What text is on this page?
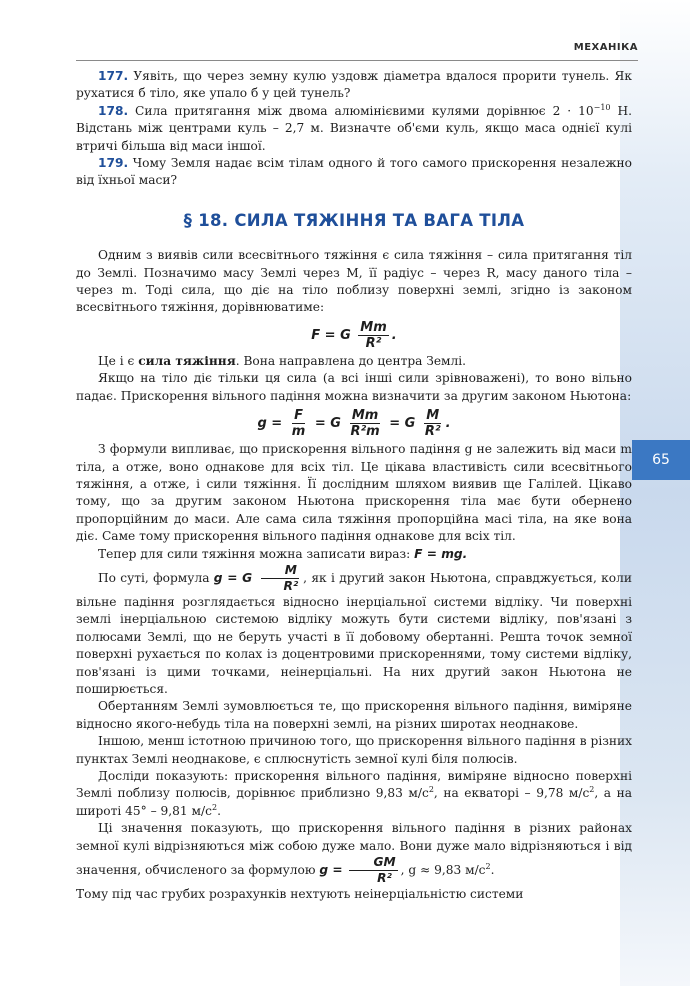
МЕХАНІКА
65

177. Уявіть, що через земну кулю уздовж діаметра вдалося прорити тунель. Як рухатися б тіло, яке упало б у цей тунель?

178. Сила притягання між двома алюмінієвими кулями дорівнює $2 \cdot 10^{-10}$ Н. Відстань між центрами куль – 2,7 м. Визначте об'єми куль, якщо маса однієї кулі втричі більша від маси іншої.

179. Чому Земля надає всім тілам одного й того самого прискорення незалежно від їхньої маси?

§ 18. СИЛА ТЯЖІННЯ ТА ВАГА ТІЛА

Одним з виявів сили всесвітнього тяжіння є сила тяжіння – сила притягання тіл до Землі. Позначимо масу Землі через M, її радіус – через R, масу даного тіла – через m. Тоді сила, що діє на тіло поблизу поверхні землі, згідно із законом всесвітнього тяжіння, дорівнюватиме:

F = G $\frac{Mm}{\text{R²}}$ .

Це і є сила тяжіння. Вона направлена до центра Землі.

Якщо на тіло діє тільки ця сила (а всі інші сили зрівноважені), то воно вільно падає. Прискорення вільного падіння можна визначити за другим законом Ньютона:

$g = \frac{F}{m} = G \frac{Mm}{\text{R²m}} = G \frac{M}{\text{R²}}$ .

З формули випливає, що прискорення вільного падіння g не залежить від маси m тіла, а отже, воно однакове для всіх тіл. Це цікава властивість сили всесвітнього тяжіння, а отже, і сили тяжіння. Її дослідним шляхом виявив ще Галілей. Цікаво тому, що за другим законом Ньютона прискорення тіла має бути обернено пропорційним до маси. Але сама сила тяжіння пропорційна масі тіла, на яке вона діє. Саме тому прискорення вільного падіння однакове для всіх тіл.

Тепер для сили тяжіння можна записати вираз: F = mg.

По суті, формула g = G $\frac{M}{\text{R²}}$ , як і другий закон Ньютона, справджується, коли вільне падіння розглядається відносно інерціальної системи відліку. Чи поверхні землі інерціальною системою відліку можуть бути системи відліку, пов'язані з полюсами Землі, що не беруть участі в її добовому обертанні. Решта точок земної поверхні рухається по колах із доцентровими прискореннями, тому системи відліку, пов'язані із цими точками, неінерціальні. На них другий закон Ньютона не поширюється.

Обертанням Землі зумовлюється те, що прискорення вільного падіння, виміряне відносно якого-небудь тіла на поверхні землі, на різних широтах неоднакове.

Іншою, менш істотною причиною того, що прискорення вільного падіння в різних пунктах Землі неоднакове, є сплюснутість земної кулі біля полюсів.

Досліди показують: прискорення вільного падіння, виміряне відносно поверхні Землі поблизу полюсів, дорівнює приблизно 9,83 $м/с^2$, на екваторі – 9,78 $м/с^2$, а на широті 45° – 9,81 $м/с^2$.

Ці значення показують, що прискорення вільного падіння в різних районах земної кулі відрізняються між собою дуже мало. Вони дуже мало відрізняються і від значення, обчисленого за формулою $g = \frac{GM}{\text{R²}}$ , g ≈ 9,83 $м/с^2$.

Тому під час грубих розрахунків нехтують неінерціальністю системи
